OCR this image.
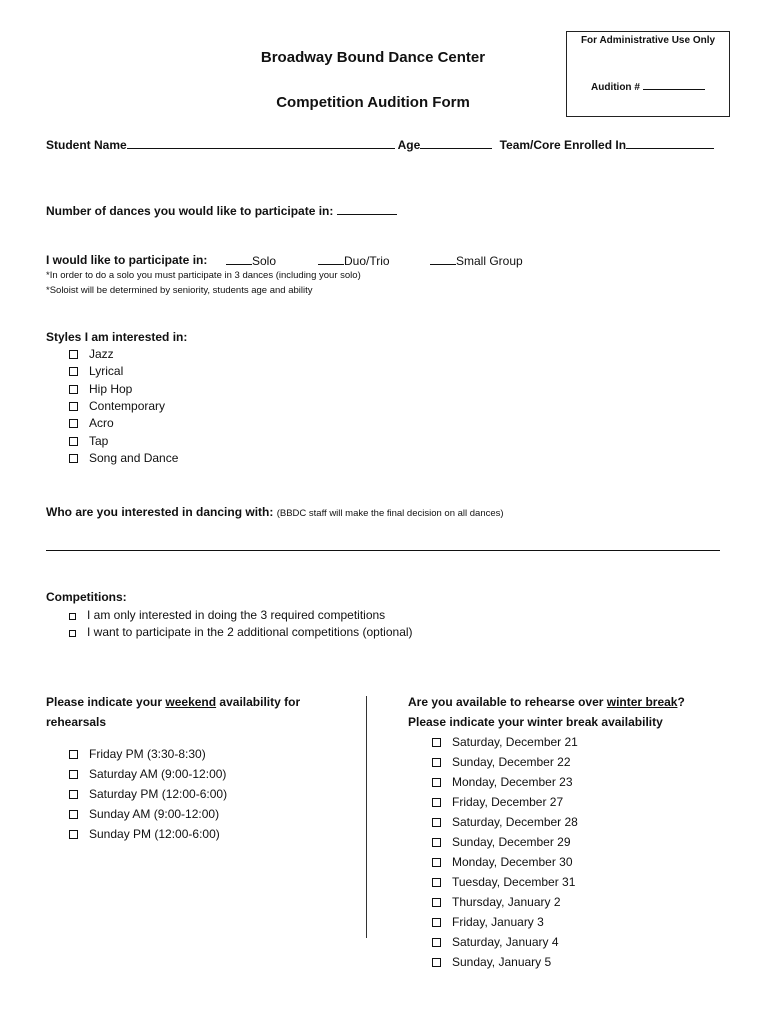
For Administrative Use Only
Audition #
Broadway Bound Dance Center
Competition Audition Form
Student Name	Age	Team/Core Enrolled In
Number of dances you would like to participate in:
I would like to participate in:	Solo	Duo/Trio	Small Group
*In order to do a solo you must participate in 3 dances (including your solo)
*Soloist will be determined by seniority, students age and ability
Styles I am interested in:
Jazz
Lyrical
Hip Hop
Contemporary
Acro
Tap
Song and Dance
Who are you interested in dancing with: (BBDC staff will make the final decision on all dances)
Competitions:
I am only interested in doing the 3 required competitions
I want to participate in the 2 additional competitions (optional)
Please indicate your weekend availability for
rehearsals
Friday PM (3:30-8:30)
Saturday AM (9:00-12:00)
Saturday PM (12:00-6:00)
Sunday AM (9:00-12:00)
Sunday PM (12:00-6:00)
Are you available to rehearse over winter break?
Please indicate your winter break availability
Saturday, December 21
Sunday, December 22
Monday, December 23
Friday, December 27
Saturday, December 28
Sunday, December 29
Monday, December 30
Tuesday, December 31
Thursday, January 2
Friday, January 3
Saturday, January 4
Sunday, January 5
